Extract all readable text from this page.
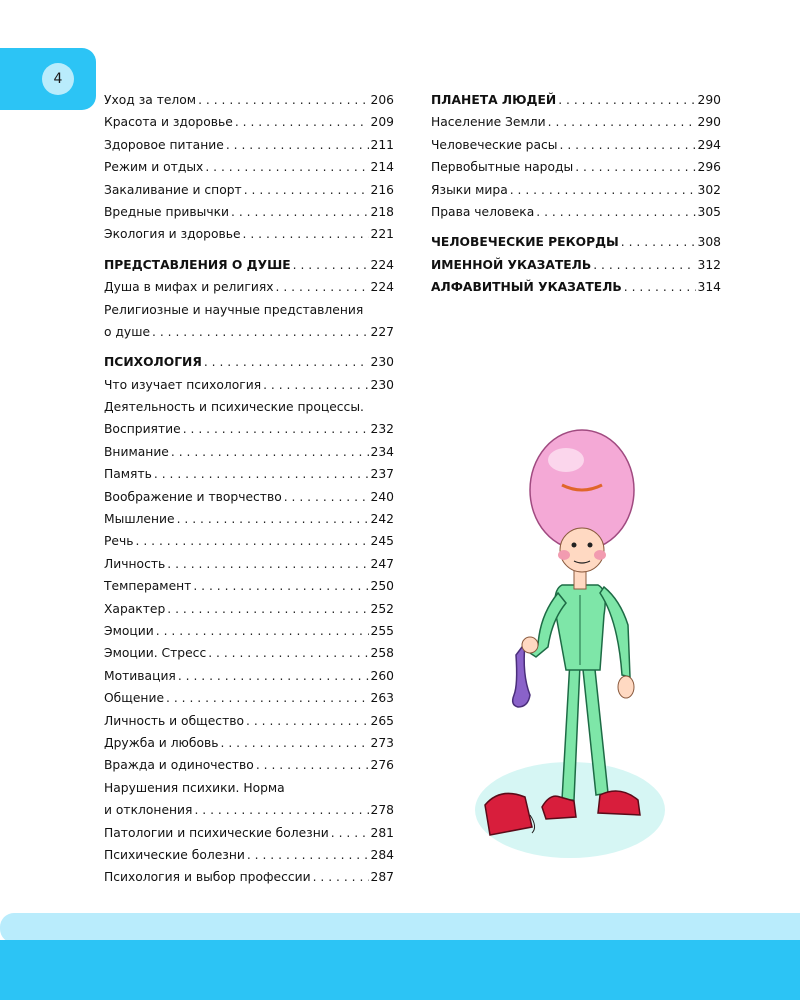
4
Уход за телом . . .	206
Красота и здоровье . . .	209
Здоровое питание . . .	211
Режим и отдых . . .	214
Закаливание и спорт . . .	216
Вредные привычки . . .	218
Экология и здоровье . . .	221
ПРЕДСТАВЛЕНИЯ О ДУШЕ . . .	224
Душа в мифах и религиях . . .	224
Религиозные и научные представления
о душе . . .	227
ПСИХОЛОГИЯ . . .	230
Что изучает психология . . .	230
Деятельность и психические процессы.
Восприятие . . .	232
Внимание . . .	234
Память . . .	237
Воображение и творчество . . .	240
Мышление . . .	242
Речь . . .	245
Личность . . .	247
Темперамент . . .	250
Характер . . .	252
Эмоции . . .	255
Эмоции. Стресс . . .	258
Мотивация . . .	260
Общение . . .	263
Личность и общество . . .	265
Дружба и любовь . . .	273
Вражда и одиночество . . .	276
Нарушения психики. Норма
и отклонения . . .	278
Патологии и психические болезни . . .	281
Психические болезни . . .	284
Психология и выбор профессии . . .	287
ПЛАНЕТА ЛЮДЕЙ . . .	290
Население Земли . . .	290
Человеческие расы . . .	294
Первобытные народы . . .	296
Языки мира . . .	302
Права человека . . .	305
ЧЕЛОВЕЧЕСКИЕ РЕКОРДЫ . . .	308
ИМЕННОЙ УКАЗАТЕЛЬ . . .	312
АЛФАВИТНЫЙ УКАЗАТЕЛЬ . . .	314
